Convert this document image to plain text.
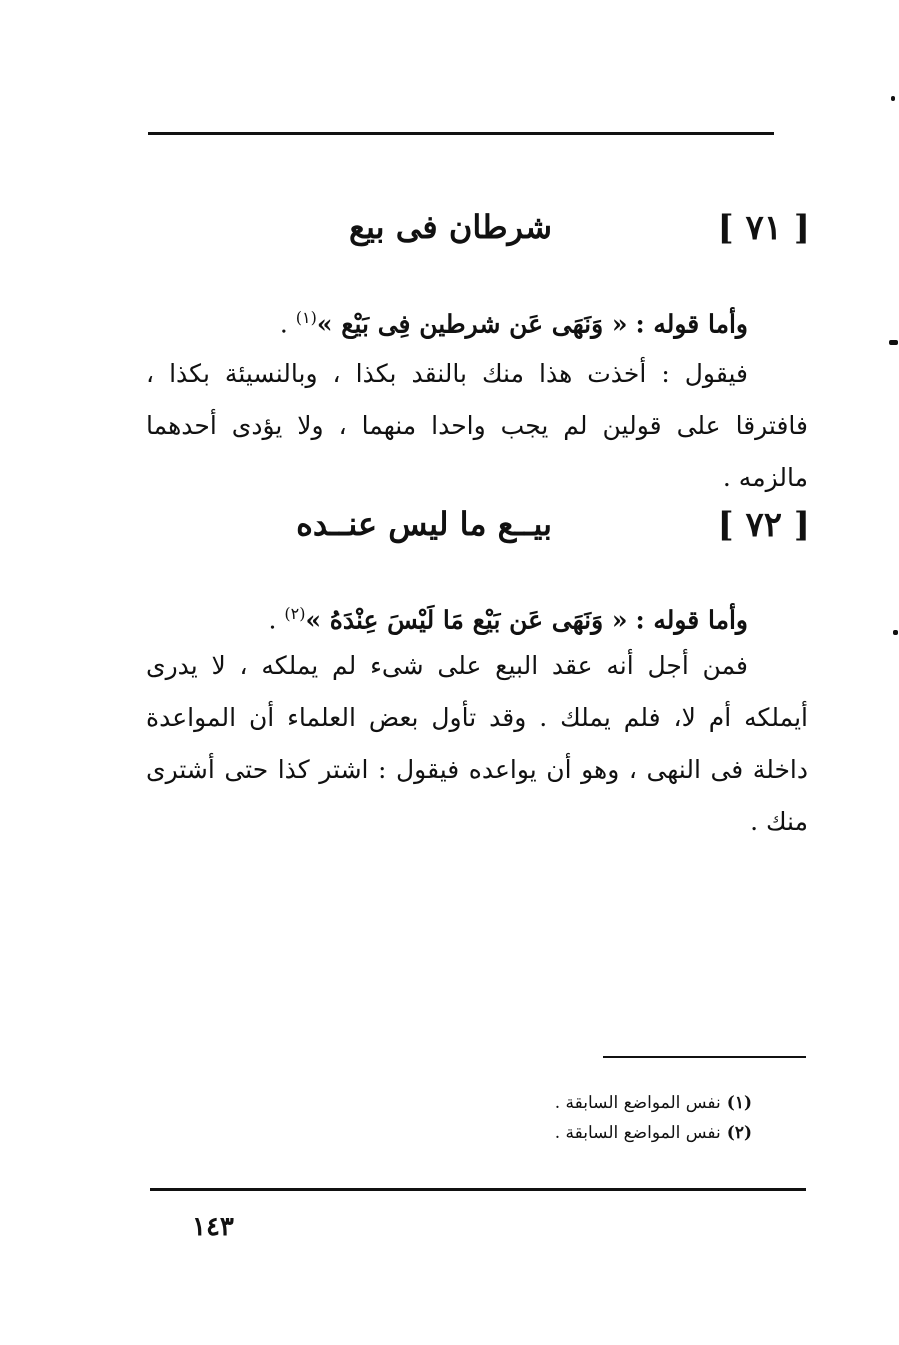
[ ٧١ ]
شرطان فى بيع
وأما قوله : « وَنَهَى عَن شرطين فِى بَيْع »$^{(١)}$ .
فيقول : أخذت هذا منك بالنقد بكذا ، وبالنسيئة بكذا ، فافترقا على قولين لم يجب واحدا منهما ، ولا يؤدى أحدهما مالزمه .
[ ٧٢ ]
بيــع ما ليس عنــده
وأما قوله : « وَنَهَى عَن بَيْع مَا لَيْسَ عِنْدَهُ »$^{(٢)}$ .
فمن أجل أنه عقد البيع على شىء لم يملكه ، لا يدرى أيملكه أم لا، فلم يملك . وقد تأول بعض العلماء أن المواعدة داخلة فى النهى ، وهو أن يواعده فيقول : اشتر كذا حتى أشترى منك .
(١)نفس المواضع السابقة .
(٢)نفس المواضع السابقة .
١٤٣
